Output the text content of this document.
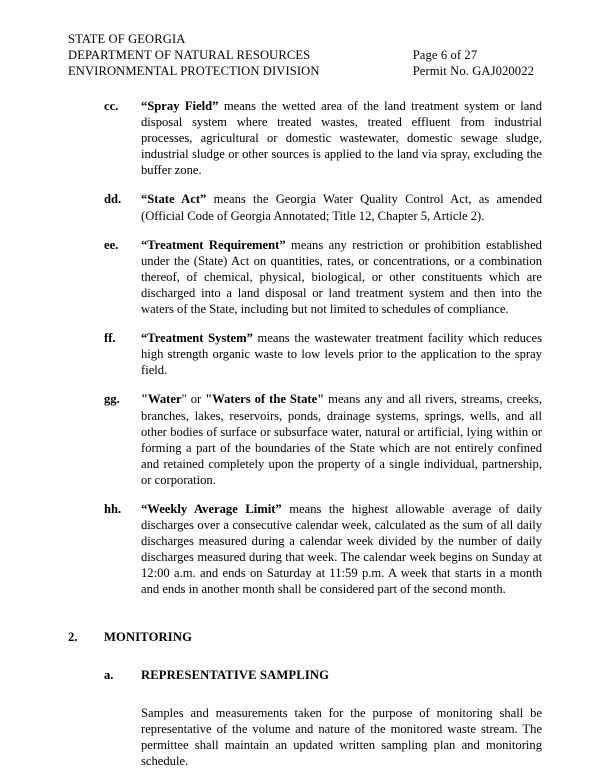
STATE OF GEORGIA
DEPARTMENT OF NATURAL RESOURCES
ENVIRONMENTAL PROTECTION DIVISION
Page 6 of 27
Permit No. GAJ020022
cc. “Spray Field” means the wetted area of the land treatment system or land disposal system where treated wastes, treated effluent from industrial processes, agricultural or domestic wastewater, domestic sewage sludge, industrial sludge or other sources is applied to the land via spray, excluding the buffer zone.
dd. “State Act” means the Georgia Water Quality Control Act, as amended (Official Code of Georgia Annotated; Title 12, Chapter 5, Article 2).
ee. “Treatment Requirement” means any restriction or prohibition established under the (State) Act on quantities, rates, or concentrations, or a combination thereof, of chemical, physical, biological, or other constituents which are discharged into a land disposal or land treatment system and then into the waters of the State, including but not limited to schedules of compliance.
ff. “Treatment System” means the wastewater treatment facility which reduces high strength organic waste to low levels prior to the application to the spray field.
gg. "Water" or "Waters of the State" means any and all rivers, streams, creeks, branches, lakes, reservoirs, ponds, drainage systems, springs, wells, and all other bodies of surface or subsurface water, natural or artificial, lying within or forming a part of the boundaries of the State which are not entirely confined and retained completely upon the property of a single individual, partnership, or corporation.
hh. “Weekly Average Limit” means the highest allowable average of daily discharges over a consecutive calendar week, calculated as the sum of all daily discharges measured during a calendar week divided by the number of daily discharges measured during that week. The calendar week begins on Sunday at 12:00 a.m. and ends on Saturday at 11:59 p.m. A week that starts in a month and ends in another month shall be considered part of the second month.
2. MONITORING
a. REPRESENTATIVE SAMPLING
Samples and measurements taken for the purpose of monitoring shall be representative of the volume and nature of the monitored waste stream. The permittee shall maintain an updated written sampling plan and monitoring schedule.
